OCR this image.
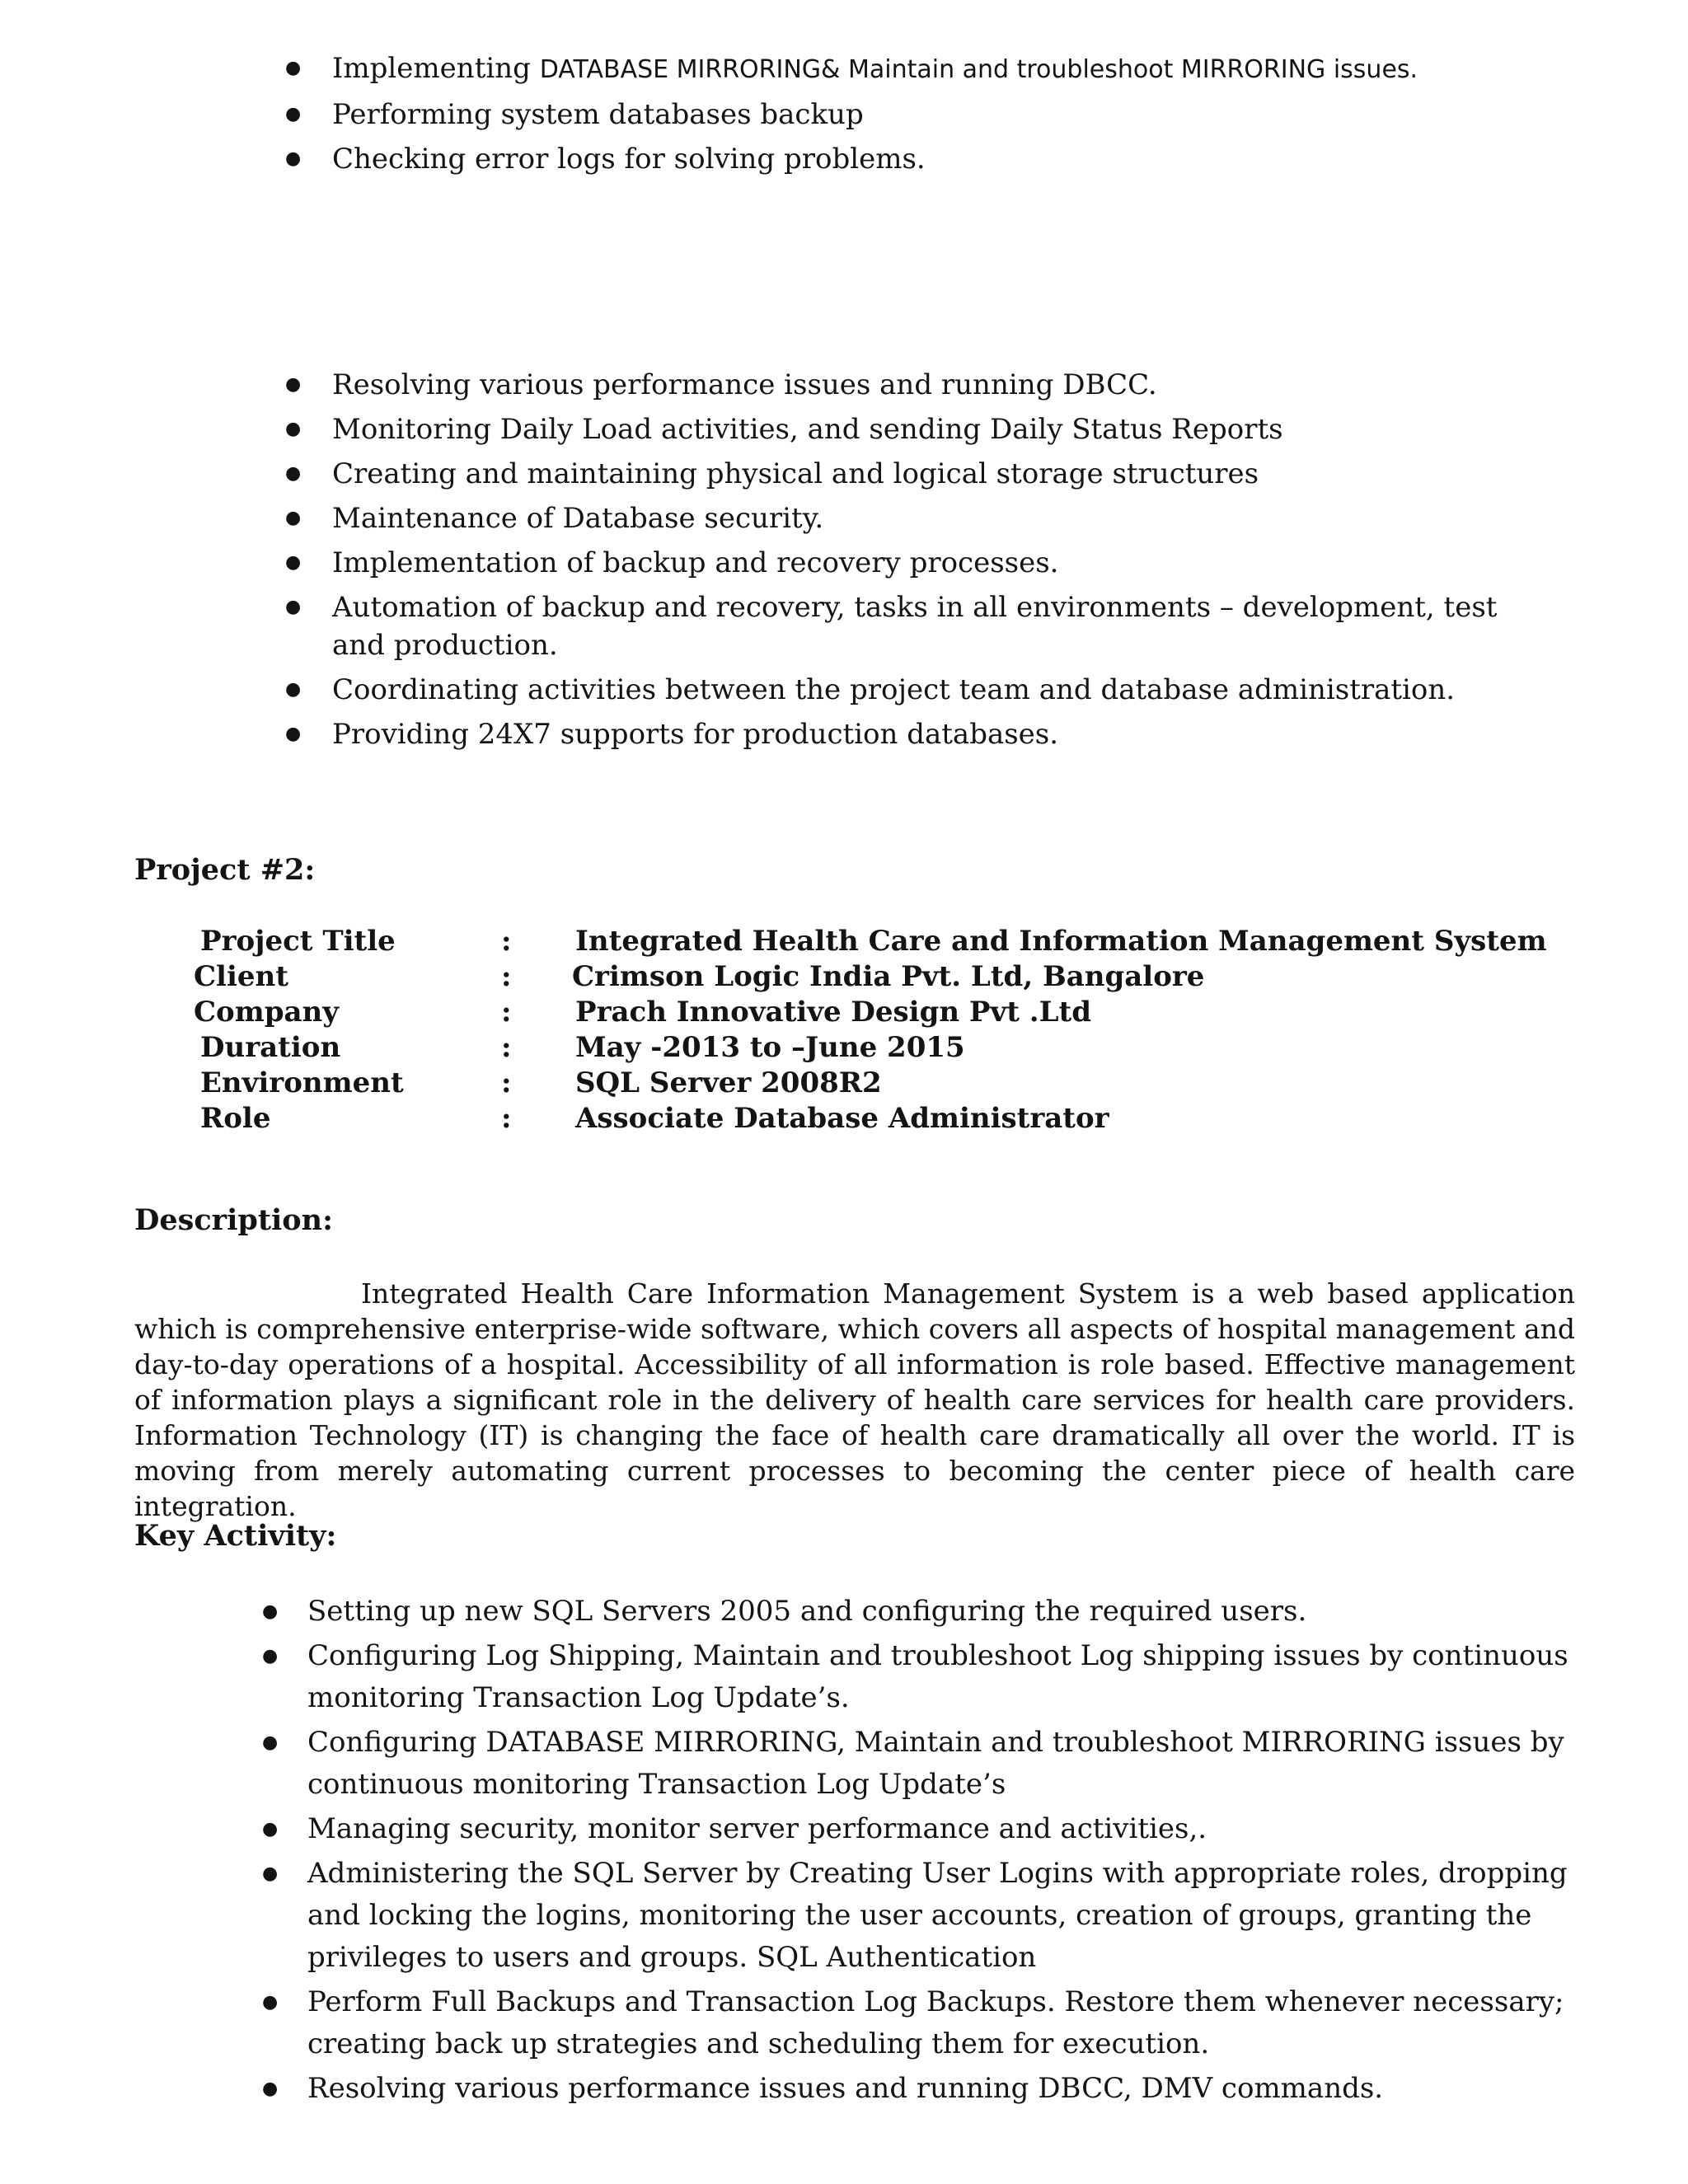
● Implementing DATABASE MIRRORING& Maintain and troubleshoot MIRRORING issues.
● Performing system databases backup
● Checking error logs for solving problems.
● Resolving various performance issues and running DBCC.
● Monitoring Daily Load activities, and sending Daily Status Reports
● Creating and maintaining physical and logical storage structures
● Maintenance of Database security.
● Implementation of backup and recovery processes.
● Automation of backup and recovery, tasks in all environments – development, test and production.
● Coordinating activities between the project team and database administration.
● Providing 24X7 supports for production databases.
Project #2:
Project Title	: Integrated Health Care and Information Management System
Client	: Crimson Logic India Pvt. Ltd, Bangalore
Company	: Prach Innovative Design Pvt .Ltd
Duration	: May -2013 to –June 2015
Environment	: SQL Server 2008R2
Role	: Associate Database Administrator
Description:

Integrated Health Care Information Management System is a web based application which is comprehensive enterprise-wide software, which covers all aspects of hospital management and day-to-day operations of a hospital. Accessibility of all information is role based. Effective management of information plays a significant role in the delivery of health care services for health care providers. Information Technology (IT) is changing the face of health care dramatically all over the world. IT is moving from merely automating current processes to becoming the center piece of health care integration.

Key Activity:
● Setting up new SQL Servers 2005 and configuring the required users.
● Configuring Log Shipping, Maintain and troubleshoot Log shipping issues by continuous monitoring Transaction Log Update’s.
● Configuring DATABASE MIRRORING, Maintain and troubleshoot MIRRORING issues by continuous monitoring Transaction Log Update’s
● Managing security, monitor server performance and activities,.
● Administering the SQL Server by Creating User Logins with appropriate roles, dropping and locking the logins, monitoring the user accounts, creation of groups, granting the privileges to users and groups. SQL Authentication
● Perform Full Backups and Transaction Log Backups. Restore them whenever necessary; creating back up strategies and scheduling them for execution.
● Resolving various performance issues and running DBCC, DMV commands.
